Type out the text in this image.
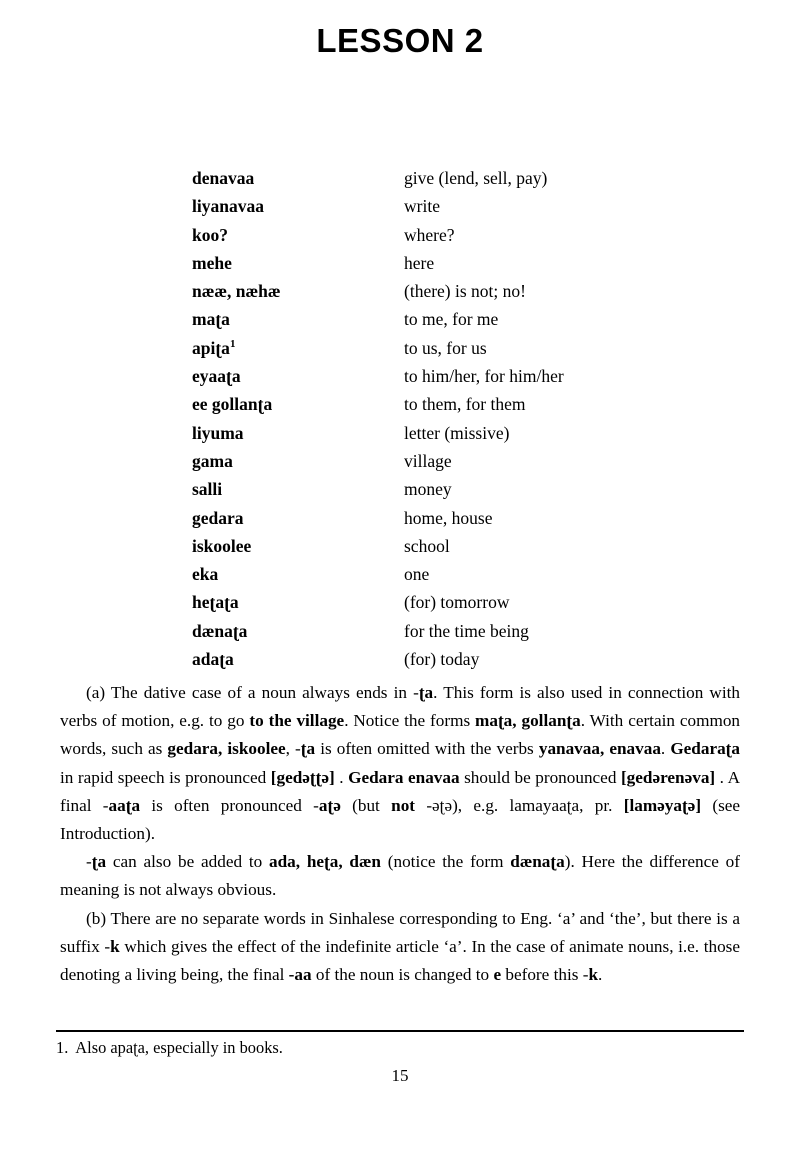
LESSON 2
denavaa	give (lend, sell, pay)
liyanavaa	write
koo?	where?
mehe	here
nææ, næhæ	(there) is not; no!
maʈa	to me, for me
apiʈa$^1$	to us, for us
eyaaʈa	to him/her, for him/her
ee gollanʈa	to them, for them
liyuma	letter (missive)
gama	village
salli	money
gedara	home, house
iskoolee	school
eka	one
heʈaʈa	(for) tomorrow
dænaʈa	for the time being
adaʈa	(for) today

(a) The dative case of a noun always ends in -ʈa. This form is also used in connection with verbs of motion, e.g. to go to the village. Notice the forms maʈa, gollanʈa. With certain common words, such as gedara, iskoolee, -ʈa is often omitted with the verbs yanavaa, enavaa. Gedaraʈa in rapid speech is pronounced [gedəʈʈə] . Gedara enavaa should be pronounced [gedərenəva] . A final -aaʈa is often pronounced -aʈə (but not -əʈə), e.g. lamayaaʈa, pr. [laməyaʈə] (see Introduction).

-ʈa can also be added to ada, heʈa, dæn (notice the form dænaʈa). Here the difference of meaning is not always obvious.

(b) There are no separate words in Sinhalese corresponding to Eng. ‘a’ and ‘the’, but there is a suffix -k which gives the effect of the indefinite article ‘a’. In the case of animate nouns, i.e. those denoting a living being, the final -aa of the noun is changed to e before this -k.

1. Also apaʈa, especially in books.
15
